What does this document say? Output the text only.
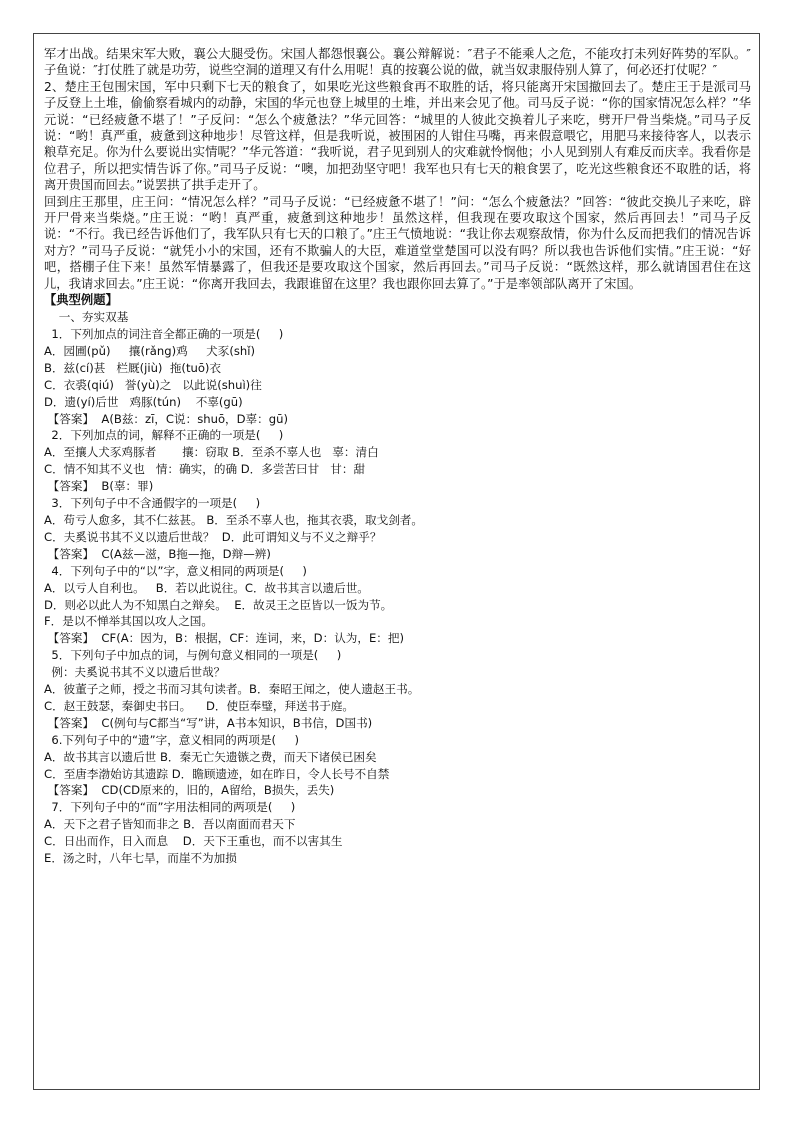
军才出战。结果宋军大败，襄公大腿受伤。宋国人都怨恨襄公。襄公辩解说：″君子不能乘人之危，不能攻打未列好阵势的军队。″子鱼说：″打仗胜了就是功劳，说些空洞的道理又有什么用呢！真的按襄公说的做，就当奴隶服侍别人算了，何必还打仗呢？″

2、楚庄王包围宋国，军中只剩下七天的粮食了，如果吃光这些粮食再不取胜的话，将只能离开宋国撤回去了。楚庄王于是派司马子反登上土堆，偷偷察看城内的动静，宋国的华元也登上城里的土堆，并出来会见了他。司马反子说：“你的国家情况怎么样？”华元说：“已经疲惫不堪了！”子反问：“怎么个疲惫法？”华元回答：“城里的人彼此交换着儿子来吃，劈开尸骨当柴烧。”司马子反说：“哟！真严重，疲惫到这种地步！尽管这样，但是我听说，被围困的人钳住马嘴，再来假意喂它，用肥马来接待客人，以表示粮草充足。你为什么要说出实情呢？”华元答道：“我听说，君子见到别人的灾难就怜悯他；小人见到别人有难反而庆幸。我看你是位君子，所以把实情告诉了你。”司马子反说：“噢，加把劲坚守吧！我军也只有七天的粮食罢了，吃光这些粮食还不取胜的话，将离开贵国而回去。”说罢拱了拱手走开了。

回到庄王那里，庄王问：“情况怎么样？”司马子反说：“已经疲惫不堪了！”问：“怎么个疲惫法？”回答：“彼此交换儿子来吃，辟开尸骨来当柴烧。”庄王说：“哟！真严重，疲惫到这种地步！虽然这样，但我现在要攻取这个国家，然后再回去！”司马子反说：“不行。我已经告诉他们了，我军队只有七天的口粮了。”庄王气愤地说：“我让你去观察敌情，你为什么反而把我们的情况告诉对方？”司马子反说：“就凭小小的宋国，还有不欺骗人的大臣，难道堂堂楚国可以没有吗？所以我也告诉他们实情。”庄王说：“好吧，搭棚子住下来！虽然军情暴露了，但我还是要攻取这个国家，然后再回去。”司马子反说：“既然这样，那么就请国君住在这儿，我请求回去。”庄王说：“你离开我回去，我跟谁留在这里？我也跟你回去算了。”于是率领部队离开了宋国。

【典型例题】

一、夯实双基

1．下列加点的词注音全都正确的一项是(     )

A．园圃(pǔ)     攘(rǎng)鸡     犬豕(shǐ)

B．兹(cí)甚   栏厩(jiù)  拖(tuō)衣

C．衣裘(qiú)   誉(yù)之   以此说(shuì)往

D．遗(yí)后世   鸡豚(tún)    不辜(gū)

【答案】  A(B兹：zī，C说：shuō，D辜：gū)

2．下列加点的词，解释不正确的一项是(     )

A．至攘人犬豕鸡豚者       攘：窃取 B．至杀不辜人也   辜：清白

C．情不知其不义也   情：确实，的确 D．多尝苦曰甘   甘：甜

【答案】  B(辜：罪)

3．下列句子中不含通假字的一项是(     )

A．苟亏人愈多，其不仁兹甚。 B．至杀不辜人也，拖其衣裘，取戈剑者。

C．夫奚说书其不义以遗后世哉？  D．此可谓知义与不义之辩乎？

【答案】  C(A兹—滋，B拖—拖，D辩—辨)

4．下列句子中的“以”字，意义相同的两项是(     )

A．以亏人自利也。   B．若以此说往。C．故书其言以遗后世。

D．则必以此人为不知黑白之辩矣。  E．故灵王之臣皆以一饭为节。

F．是以不惮举其国以攻人之国。

【答案】  CF(A：因为，B：根据，CF：连词，来，D：认为，E：把)

5．下列句子中加点的词，与例句意义相同的一项是(     )

例：夫奚说书其不义以遗后世哉？

A．彼董子之师，授之书而习其句读者。B．秦昭王闻之，使人遗赵王书。

C．赵王鼓瑟，秦御史书曰。    D．使臣奉璧，拜送书于庭。

【答案】  C(例句与C都当“写”讲，A书本知识，B书信，D国书)

6.下列句子中的“遗”字，意义相同的两项是(     )

A．故书其言以遗后世 B．秦无亡矢遗镞之费，而天下诸侯已困矣

C．至唐李渤始访其遗踪 D．瞻顾遗迹，如在昨日，令人长号不自禁

【答案】  CD(CD原来的，旧的，A留给，B损失，丢失)

7．下列句子中的“而”字用法相同的两项是(     )

A．天下之君子皆知而非之 B．吾以南面而君天下

C．日出而作，日入而息    D．天下王重也，而不以害其生

E．汤之时，八年七旱，而崖不为加损
